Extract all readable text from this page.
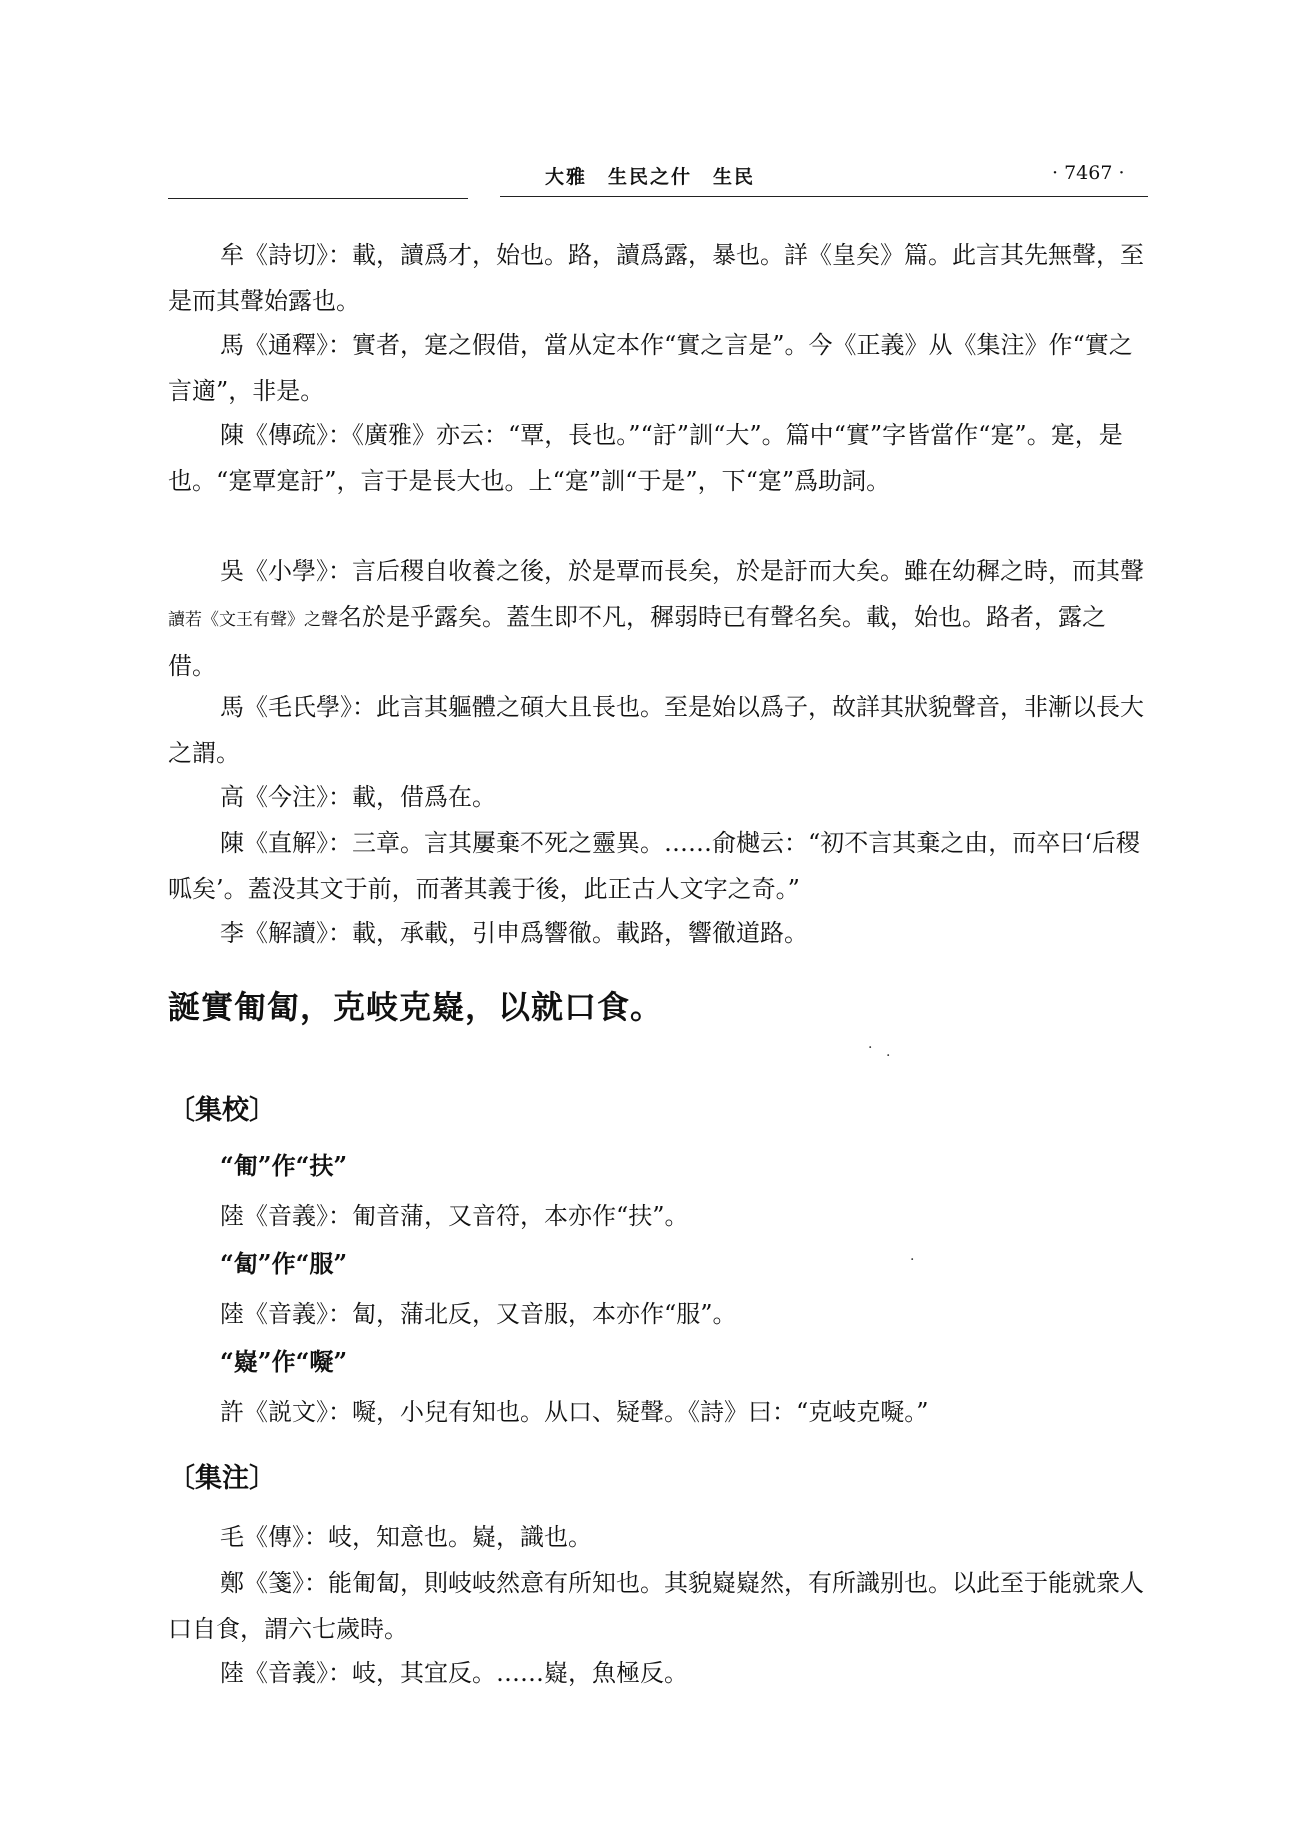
大雅　生民之什　生民	· 7467 ·

牟《詩切》：載，讀爲才，始也。路，讀爲露，暴也。詳《皇矣》篇。此言其先無聲，至是而其聲始露也。

馬《通釋》：實者，寔之假借，當从定本作“實之言是”。今《正義》从《集注》作“實之言適”，非是。

陳《傳疏》：《廣雅》亦云：“覃，長也。”“訏”訓“大”。篇中“實”字皆當作“寔”。寔，是也。“寔覃寔訏”，言于是長大也。上“寔”訓“于是”，下“寔”爲助詞。

吳《小學》：言后稷自收養之後，於是覃而長矣，於是訏而大矣。雖在幼穉之時，而其聲讀若《文王有聲》之聲名於是乎露矣。蓋生即不凡，穉弱時已有聲名矣。載，始也。路者，露之借。

馬《毛氏學》：此言其軀體之碩大且長也。至是始以爲子，故詳其狀貌聲音，非漸以長大之謂。

高《今注》：載，借爲在。

陳《直解》：三章。言其屢棄不死之靈異。……俞樾云：“初不言其棄之由，而卒曰‘后稷呱矣’。蓋没其文于前，而著其義于後，此正古人文字之奇。”

李《解讀》：載，承載，引申爲響徹。載路，響徹道路。

誕實匍匐，克岐克嶷，以就口食。
· ·
·
〔集校〕
“匍”作“扶”
陸《音義》：匍音蒲，又音符，本亦作“扶”。
“匐”作“服”
陸《音義》：匐，蒲北反，又音服，本亦作“服”。
“嶷”作“㘈”
許《説文》：㘈，小兒有知也。从口、疑聲。《詩》曰：“克岐克㘈。”
〔集注〕

毛《傳》：岐，知意也。嶷，識也。

鄭《箋》：能匍匐，則岐岐然意有所知也。其貌嶷嶷然，有所識别也。以此至于能就衆人口自食，謂六七歲時。

陸《音義》：岐，其宜反。……嶷，魚極反。
